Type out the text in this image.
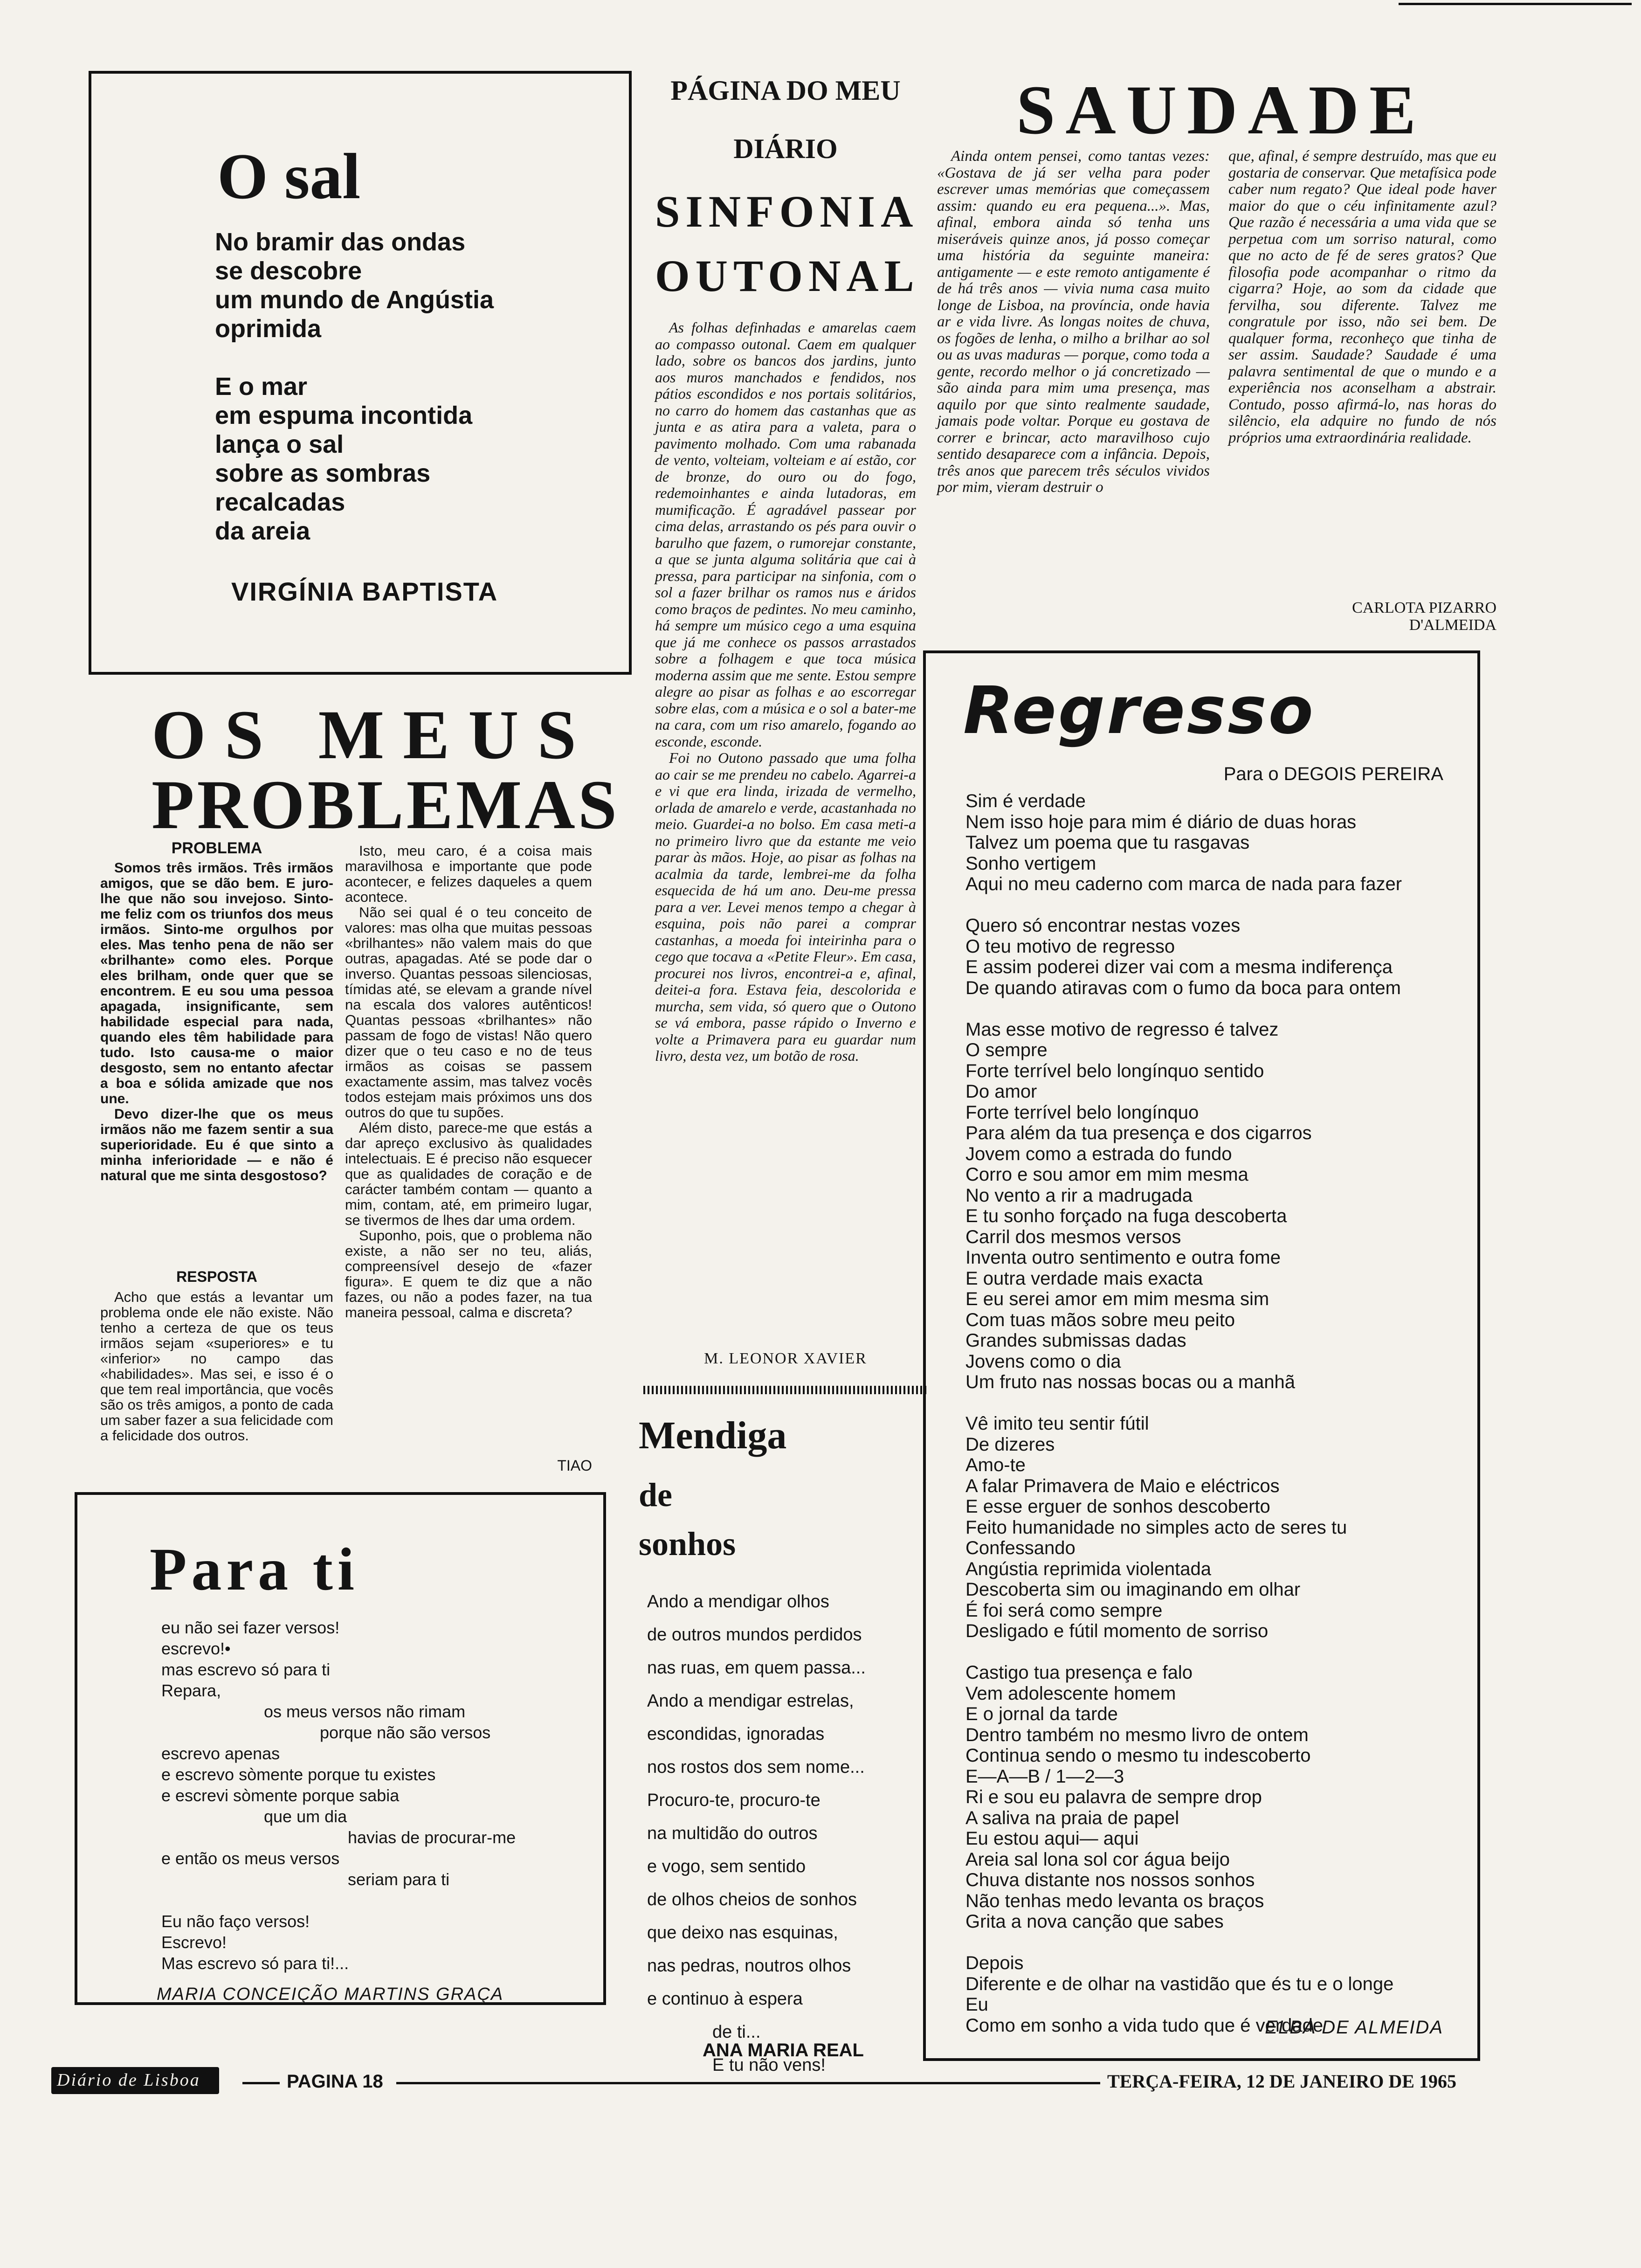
O sal
No bramir das ondas
se descobre
um mundo de Angústia
oprimida

E o mar
em espuma incontida
lança o sal
sobre as sombras
recalcadas
da areia
VIRGÍNIA BAPTISTA
PÁGINA DO MEU
DIÁRIO
SINFONIA
OUTONAL

As folhas definhadas e amarelas caem ao compasso outonal. Caem em qualquer lado, sobre os bancos dos jardins, junto aos muros manchados e fendidos, nos pátios escondidos e nos portais solitários, no carro do homem das castanhas que as junta e as atira para a valeta, para o pavimento molhado. Com uma rabanada de vento, volteiam, volteiam e aí estão, cor de bronze, do ouro ou do fogo, redemoinhantes e ainda lutadoras, em mumificação. É agradável passear por cima delas, arrastando os pés para ouvir o barulho que fazem, o rumorejar constante, a que se junta alguma solitária que cai à pressa, para participar na sinfonia, com o sol a fazer brilhar os ramos nus e áridos como braços de pedintes. No meu caminho, há sempre um músico cego a uma esquina que já me conhece os passos arrastados sobre a folhagem e que toca música moderna assim que me sente. Estou sempre alegre ao pisar as folhas e ao escorregar sobre elas, com a música e o sol a bater-me na cara, com um riso amarelo, fogando ao esconde, esconde.

Foi no Outono passado que uma folha ao cair se me prendeu no cabelo. Agarrei-a e vi que era linda, irizada de vermelho, orlada de amarelo e verde, acastanhada no meio. Guardei-a no bolso. Em casa meti-a no primeiro livro que da estante me veio parar às mãos. Hoje, ao pisar as folhas na acalmia da tarde, lembrei-me da folha esquecida de há um ano. Deu-me pressa para a ver. Levei menos tempo a chegar à esquina, pois não parei a comprar castanhas, a moeda foi inteirinha para o cego que tocava a «Petite Fleur». Em casa, procurei nos livros, encontrei-a e, afinal, deitei-a fora. Estava feia, descolorida e murcha, sem vida, só quero que o Outono se vá embora, passe rápido o Inverno e volte a Primavera para eu guardar num livro, desta vez, um botão de rosa.

M. LEONOR XAVIER
SAUDADE

Ainda ontem pensei, como tantas vezes: «Gostava de já ser velha para poder escrever umas memórias que começassem assim: quando eu era pequena...». Mas, afinal, embora ainda só tenha uns miseráveis quinze anos, já posso começar uma história da seguinte maneira: antigamente — e este remoto antigamente é de há três anos — vivia numa casa muito longe de Lisboa, na província, onde havia ar e vida livre. As longas noites de chuva, os fogões de lenha, o milho a brilhar ao sol ou as uvas maduras — porque, como toda a gente, recordo melhor o já concretizado — são ainda para mim uma presença, mas aquilo por que sinto realmente saudade, jamais pode voltar. Porque eu gostava de correr e brincar, acto maravilhoso cujo sentido desaparece com a infância. Depois, três anos que parecem três séculos vividos por mim, vieram destruir o

que, afinal, é sempre destruído, mas que eu gostaria de conservar. Que metafísica pode caber num regato? Que ideal pode haver maior do que o céu infinitamente azul? Que razão é necessária a uma vida que se perpetua com um sorriso natural, como que no acto de fé de seres gratos? Que filosofia pode acompanhar o ritmo da cigarra? Hoje, ao som da cidade que fervilha, sou diferente. Talvez me congratule por isso, não sei bem. De qualquer forma, reconheço que tinha de ser assim. Saudade? Saudade é uma palavra sentimental de que o mundo e a experiência nos aconselham a abstrair. Contudo, posso afirmá-lo, nas horas do silêncio, ela adquire no fundo de nós próprios uma extraordinária realidade.

CARLOTA PIZARRO
D'ALMEIDA
Regresso
Para o DEGOIS PEREIRA
Sim é verdade
Nem isso hoje para mim é diário de duas horas
Talvez um poema que tu rasgavas
Sonho vertigem
Aqui no meu caderno com marca de nada para fazer

Quero só encontrar nestas vozes
O teu motivo de regresso
E assim poderei dizer vai com a mesma indiferença
De quando atiravas com o fumo da boca para ontem

Mas esse motivo de regresso é talvez
O sempre
Forte terrível belo longínquo sentido
Do amor
Forte terrível belo longínquo
Para além da tua presença e dos cigarros
Jovem como a estrada do fundo
Corro e sou amor em mim mesma
No vento a rir a madrugada
E tu sonho forçado na fuga descoberta
Carril dos mesmos versos
Inventa outro sentimento e outra fome
E outra verdade mais exacta
E eu serei amor em mim mesma sim
Com tuas mãos sobre meu peito
Grandes submissas dadas
Jovens como o dia
Um fruto nas nossas bocas ou a manhã

Vê imito teu sentir fútil
De dizeres
Amo-te
A falar Primavera de Maio e eléctricos
E esse erguer de sonhos descoberto
Feito humanidade no simples acto de seres tu
Confessando
Angústia reprimida violentada
Descoberta sim ou imaginando em olhar
É foi será como sempre
Desligado e fútil momento de sorriso

Castigo tua presença e falo
Vem adolescente homem
E o jornal da tarde
Dentro também no mesmo livro de ontem
Continua sendo o mesmo tu indescoberto
E—A—B / 1—2—3
Ri e sou eu palavra de sempre drop
A saliva na praia de papel
Eu estou aqui— aqui
Areia sal lona sol cor água beijo
Chuva distante nos nossos sonhos
Não tenhas medo levanta os braços
Grita a nova canção que sabes

Depois
Diferente e de olhar na vastidão que és tu e o longe
Eu
Como em sonho a vida tudo que é verdade
ELBA DE ALMEIDA
OS MEUS
PROBLEMAS
PROBLEMA

Somos três irmãos. Três irmãos amigos, que se dão bem. E juro-lhe que não sou invejoso. Sinto-me feliz com os triunfos dos meus irmãos. Sinto-me orgulhos por eles. Mas tenho pena de não ser «brilhante» como eles. Porque eles brilham, onde quer que se encontrem. E eu sou uma pessoa apagada, insignificante, sem habilidade especial para nada, quando eles têm habilidade para tudo. Isto causa-me o maior desgosto, sem no entanto afectar a boa e sólida amizade que nos une.

Devo dizer-lhe que os meus irmãos não me fazem sentir a sua superioridade. Eu é que sinto a minha inferioridade — e não é natural que me sinta desgostoso?

RESPOSTA

Acho que estás a levantar um problema onde ele não existe. Não tenho a certeza de que os teus irmãos sejam «superiores» e tu «inferior» no campo das «habilidades». Mas sei, e isso é o que tem real importância, que vocês são os três amigos, a ponto de cada um saber fazer a sua felicidade com a felicidade dos outros.

Isto, meu caro, é a coisa mais maravilhosa e importante que pode acontecer, e felizes daqueles a quem acontece.

Não sei qual é o teu conceito de valores: mas olha que muitas pessoas «brilhantes» não valem mais do que outras, apagadas. Até se pode dar o inverso. Quantas pessoas silenciosas, tímidas até, se elevam a grande nível na escala dos valores autênticos! Quantas pessoas «brilhantes» não passam de fogo de vistas! Não quero dizer que o teu caso e no de teus irmãos as coisas se passem exactamente assim, mas talvez vocês todos estejam mais próximos uns dos outros do que tu supões.

Além disto, parece-me que estás a dar apreço exclusivo às qualidades intelectuais. E é preciso não esquecer que as qualidades de coração e de carácter também contam — quanto a mim, contam, até, em primeiro lugar, se tivermos de lhes dar uma ordem.

Suponho, pois, que o problema não existe, a não ser no teu, aliás, compreensível desejo de «fazer figura». E quem te diz que a não fazes, ou não a podes fazer, na tua maneira pessoal, calma e discreta?

TIAO
Para ti
eu não sei fazer versos!
escrevo!•
mas escrevo só para ti
Repara,
os meus versos não rimam
porque não são versos
escrevo apenas
e escrevo sòmente porque tu existes
e escrevi sòmente porque sabia
que um dia
havias de procurar-me
e então os meus versos
seriam para ti

Eu não faço versos!
Escrevo!
Mas escrevo só para ti!...
MARIA CONCEIÇÃO MARTINS GRAÇA
Mendiga
de
sonhos
Ando a mendigar olhos
de outros mundos perdidos
nas ruas, em quem passa...
Ando a mendigar estrelas,
escondidas, ignoradas
nos rostos dos sem nome...
Procuro-te, procuro-te
na multidão do outros
e vogo, sem sentido
de olhos cheios de sonhos
que deixo nas esquinas,
nas pedras, noutros olhos
e continuo à espera
de ti...
E tu não vens!
ANA MARIA REAL
Diário de Lisboa	PAGINA 18	TERÇA-FEIRA, 12 DE JANEIRO DE 1965
